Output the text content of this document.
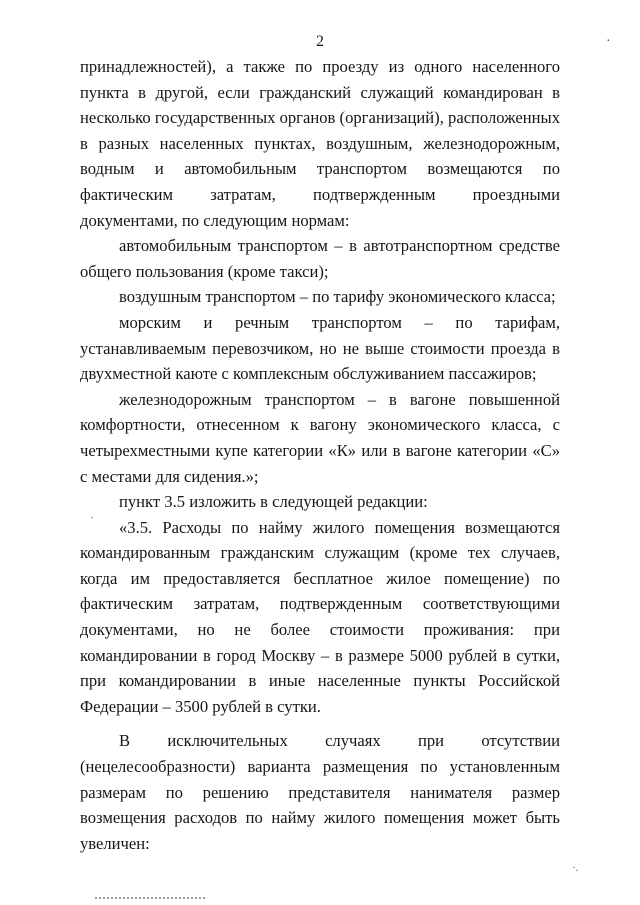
2	·

принадлежностей), а также по проезду из одного населенного пункта в другой, если гражданский служащий командирован в несколько государственных органов (организаций), расположенных в разных населенных пунктах, воздушным, железнодорожным, водным и автомобильным транспортом возмещаются по фактическим затратам, подтвержденным проездными документами, по следующим нормам:

автомобильным транспортом – в автотранспортном средстве общего пользования (кроме такси);

воздушным транспортом – по тарифу экономического класса;

морским и речным транспортом – по тарифам, устанавливаемым перевозчиком, но не выше стоимости проезда в двухместной каюте с комплексным обслуживанием пассажиров;

железнодорожным транспортом – в вагоне повышенной комфортности, отнесенном к вагону экономического класса, с четырехместными купе категории «К» или в вагоне категории «С» с местами для сидения.»;

пункт 3.5 изложить в следующей редакции:

«3.5. Расходы по найму жилого помещения возмещаются командированным гражданским служащим (кроме тех случаев, когда им предоставляется бесплатное жилое помещение) по фактическим затратам, подтвержденным соответствующими документами, но не более стоимости проживания: при командировании в город Москву – в размере 5000 рублей в сутки, при командировании в иные населенные пункты Российской Федерации – 3500 рублей в сутки.

В исключительных случаях при отсутствии (нецелесообразности) варианта размещения по установленным размерам по решению представителя нанимателя размер возмещения расходов по найму жилого помещения может быть увеличен:

·
·.
